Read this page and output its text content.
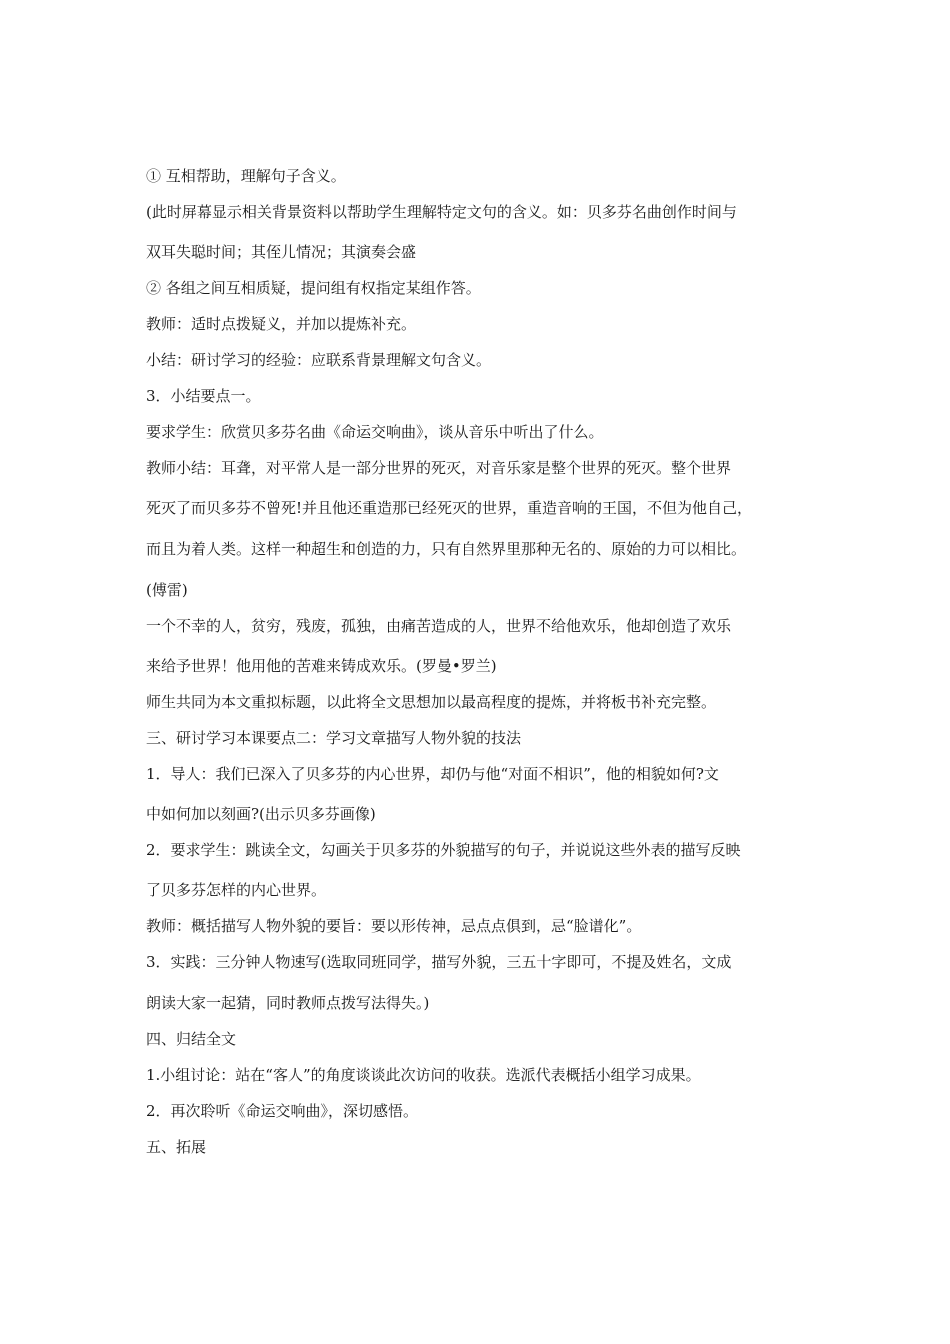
① 互相帮助，理解句子含义。
(此时屏幕显示相关背景资料以帮助学生理解特定文句的含义。如：贝多芬名曲创作时间与
双耳失聪时间；其侄儿情况；其演奏会盛
② 各组之间互相质疑，提问组有权指定某组作答。
教师：适时点拨疑义，并加以提炼补充。
小结：研讨学习的经验：应联系背景理解文句含义。
3．小结要点一。
要求学生：欣赏贝多芬名曲《命运交响曲》，谈从音乐中听出了什么。
教师小结：耳聋，对平常人是一部分世界的死灭，对音乐家是整个世界的死灭。整个世界
死灭了而贝多芬不曾死!并且他还重造那已经死灭的世界，重造音响的王国，不但为他自己，
而且为着人类。这样一种超生和创造的力，只有自然界里那种无名的、原始的力可以相比。
(傅雷)
一个不幸的人，贫穷，残废，孤独，由痛苦造成的人，世界不给他欢乐，他却创造了欢乐
来给予世界！他用他的苦难来铸成欢乐。(罗曼•罗兰)
师生共同为本文重拟标题，以此将全文思想加以最高程度的提炼，并将板书补充完整。
三、研讨学习本课要点二：学习文章描写人物外貌的技法
1．导人：我们已深入了贝多芬的内心世界，却仍与他“对面不相识”，他的相貌如何?文
中如何加以刻画?(出示贝多芬画像)
2．要求学生：跳读全文，勾画关于贝多芬的外貌描写的句子，并说说这些外表的描写反映
了贝多芬怎样的内心世界。
教师：概括描写人物外貌的要旨：要以形传神，忌点点俱到，忌“脸谱化”。
3．实践：三分钟人物速写(选取同班同学，描写外貌，三五十字即可，不提及姓名，文成
朗读大家一起猜，同时教师点拨写法得失。)
四、归结全文
1.小组讨论：站在“客人”的角度谈谈此次访问的收获。选派代表概括小组学习成果。
2．再次聆听《命运交响曲》，深切感悟。
五、拓展
